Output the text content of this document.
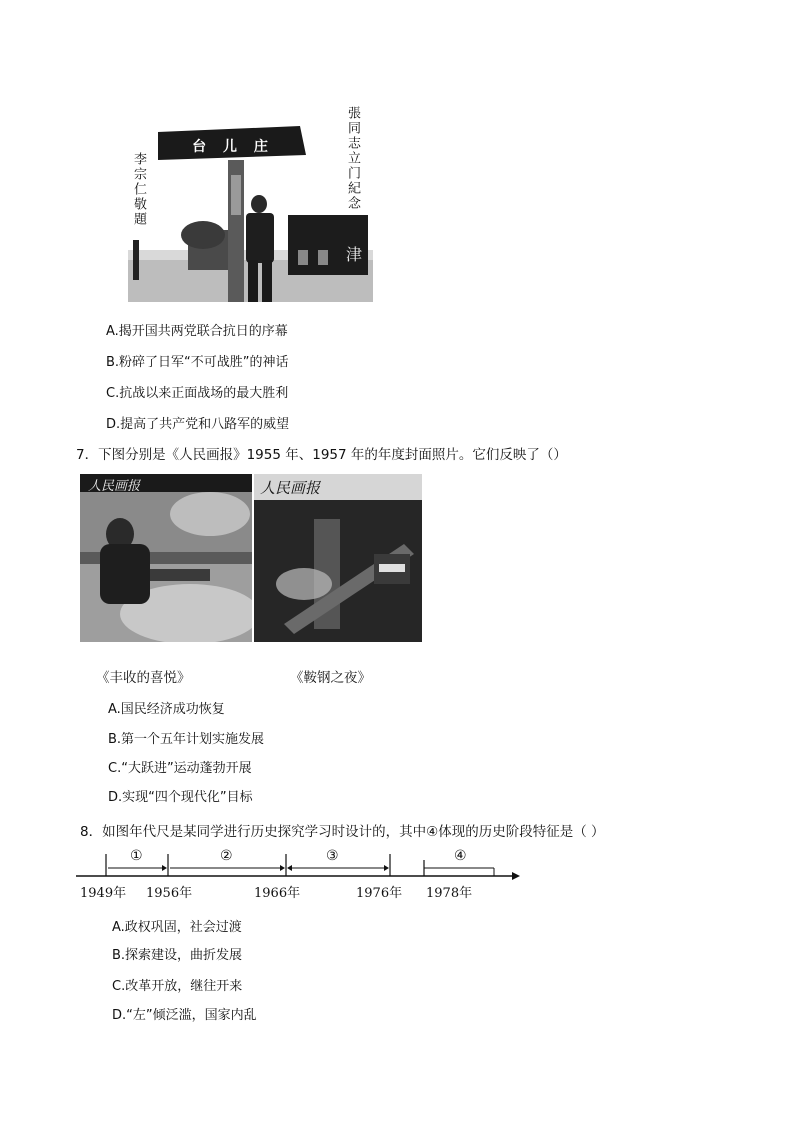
台 儿 庄
李宗仁敬題	張同志立门紀念
津
A.揭开国共两党联合抗日的序幕
B.粉碎了日军“不可战胜”的神话
C.抗战以来正面战场的最大胜利
D.提高了共产党和八路军的威望
7．下图分别是《人民画报》1955 年、1957 年的年度封面照片。它们反映了（）
人民画报	人民画报
《丰收的喜悦》	《鞍钢之夜》
A.国民经济成功恢复
B.第一个五年计划实施发展
C.“大跃进”运动蓬勃开展
D.实现“四个现代化”目标
8．如图年代尺是某同学进行历史探究学习时设计的，其中④体现的历史阶段特征是（ ）
①	②	③	④
1949年 1956年	1966年	1976年 1978年
A.政权巩固，社会过渡
B.探索建设，曲折发展
C.改革开放，继往开来
D.“左”倾泛滥，国家内乱
